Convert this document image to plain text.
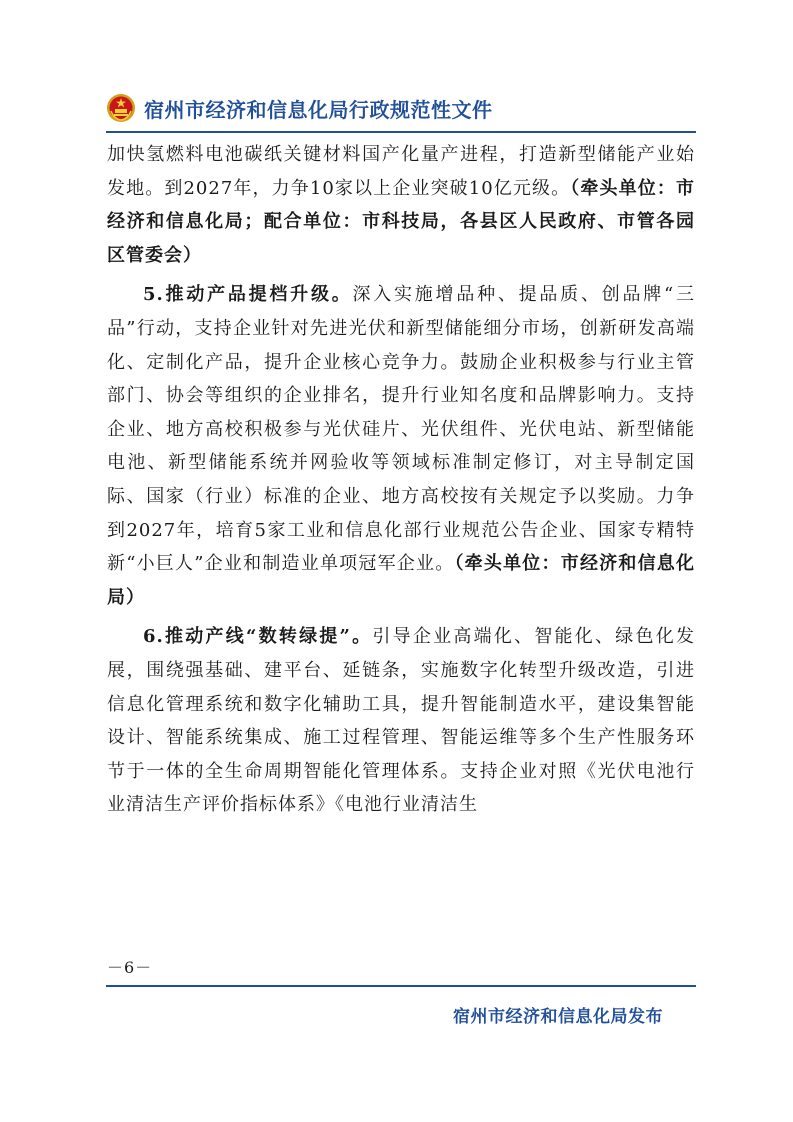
宿州市经济和信息化局行政规范性文件

加快氢燃料电池碳纸关键材料国产化量产进程，打造新型储能产业始发地。到2027年，力争10家以上企业突破10亿元级。（牵头单位：市经济和信息化局；配合单位：市科技局，各县区人民政府、市管各园区管委会）

5.推动产品提档升级。深入实施增品种、提品质、创品牌“三品”行动，支持企业针对先进光伏和新型储能细分市场，创新研发高端化、定制化产品，提升企业核心竞争力。鼓励企业积极参与行业主管部门、协会等组织的企业排名，提升行业知名度和品牌影响力。支持企业、地方高校积极参与光伏硅片、光伏组件、光伏电站、新型储能电池、新型储能系统并网验收等领域标准制定修订，对主导制定国际、国家（行业）标准的企业、地方高校按有关规定予以奖励。力争到2027年，培育5家工业和信息化部行业规范公告企业、国家专精特新“小巨人”企业和制造业单项冠军企业。（牵头单位：市经济和信息化局）

6.推动产线“数转绿提”。引导企业高端化、智能化、绿色化发展，围绕强基础、建平台、延链条，实施数字化转型升级改造，引进信息化管理系统和数字化辅助工具，提升智能制造水平，建设集智能设计、智能系统集成、施工过程管理、智能运维等多个生产性服务环节于一体的全生命周期智能化管理体系。支持企业对照《光伏电池行业清洁生产评价指标体系》《电池行业清洁生

－6－
宿州市经济和信息化局发布
